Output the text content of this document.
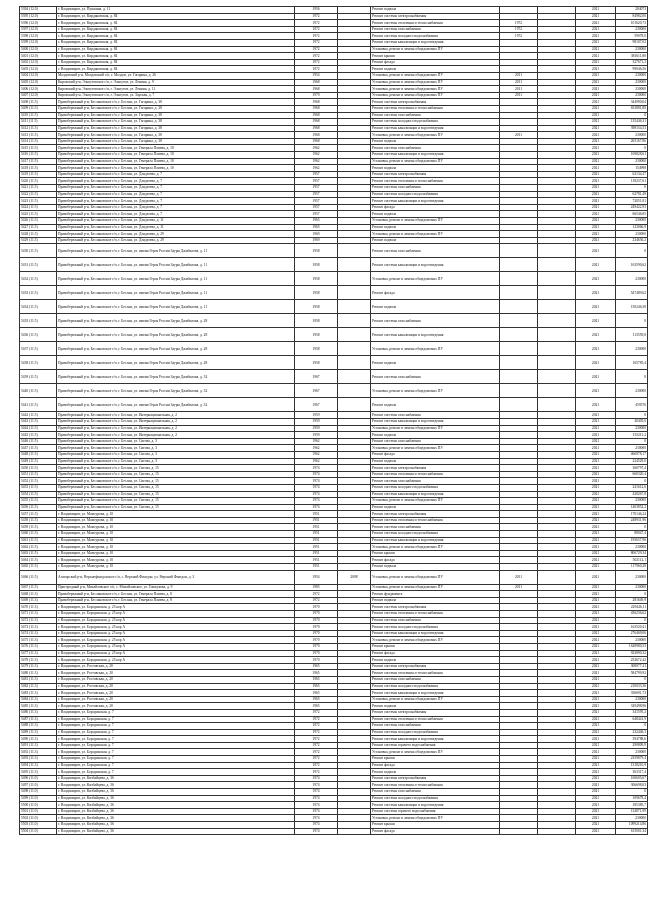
5394 (12.0)	г. Владимиров, ул. Пушкина, д. 11	1956		Ремонт подвала			2021	284073
5395 (12.0)	г. Владимиров, ул. Кирдановская, д. 84	1972		Ремонт системы электроснабжения			2021	84982,00
5396 (12.0)	г. Владимиров, ул. Кирдановская, д. 84	1972		Ремонт системы отопления и теплоснабжения	1972		2021	101620,73
5397 (12.0)	г. Владимиров, ул. Кирдановская, д. 84	1972		Ремонт системы газоснабжения	1972		2021	230000
5398 (12.0)	г. Владимиров, ул. Кирдановская, д. 84	1972		Ремонт системы холодного водоснабжения	1972		2021	59078,0
5399 (12.0)	г. Владимиров, ул. Кирдановская, д. 84	1972		Ремонт системы канализации и водоотведения			2021	98107,02
5400 (12.0)	г. Владимиров, ул. Кирдановская, д. 84	1972		Установка, ремонт и замена общедомовых ПУ			2021	230000
5401 (12.0)	г. Владимиров, ул. Кирдановская, д. 84	1972		Ремонт крыши			2021	381611,86
5402 (12.0)	г. Владимиров, ул. Кирдановская, д. 84	1972		Ремонт фасада			2021	327671,2
5403 (12.0)	г. Владимиров, ул. Кирдановская, д. 84	1972		Ремонт подвала			2021	99046,56
5404 (12.0)	Молдовский р-н, Молдовский с/п, г. Молдов, ул. Гагарина, д. 26	1954		Установка, ремонт и замена общедомовых ПУ	2011		2021	230000
5405 (12.0)	Кировский р-н, Эльпутовское с/п, г. Эльпутов, ул. Ленина, д. 9	1968		Установка, ремонт и замена общедомовых ПУ	2011		2021	230000
5406 (12.0)	Кировский р-н, Эльпутовское с/п, г. Эльпутов, ул. Ленина, д. 11	1968		Установка, ремонт и замена общедомовых ПУ	2011		2021	230000
5407 (12.0)	Кировский р-н, Эльпутовское с/п, г. Эльпутов, ул. Зорская, д. 7	1970		Установка, ремонт и замена общедомовых ПУ	2011		2021	230000
5408 (11.5)	Правобережный р-н, Беслановское г/п, г. Беслан, ул. Гагарина, д. 38	1968		Ремонт системы электроснабжения			2021	344990,04
5409 (11.5)	Правобережный р-н, Беслановское г/п, г. Беслан, ул. Гагарина, д. 38	1968		Ремонт системы отопления и теплоснабжения			2021	653881,80
5410 (11.5)	Правобережный р-н, Беслановское г/п, г. Беслан, ул. Гагарина, д. 38	1968		Ремонт системы газоснабжения			2021	0
5411 (11.5)	Правобережный р-н, Беслановское г/п, г. Беслан, ул. Гагарина, д. 38	1968		Ремонт системы холодного водоснабжения			2021	135446,31
5412 (11.5)	Правобережный р-н, Беслановское г/п, г. Беслан, ул. Гагарина, д. 38	1968		Ремонт системы канализации и водоотведения			2021	398154,53
5413 (11.5)	Правобережный р-н, Беслановское г/п, г. Беслан, ул. Гагарина, д. 38	1968		Установка, ремонт и замена общедомовых ПУ	2011		2021	230000
5414 (11.5)	Правобережный р-н, Беслановское г/п, г. Беслан, ул. Гагарина, д. 38	1968		Ремонт подвала			2021	265167,86
5415 (11.5)	Правобережный р-н, Беслановское г/п, г. Беслан, ул. Генерала Плиева, д. 10	1962		Ремонт системы газоснабжения			2021	0
5416 (11.5)	Правобережный р-н, Беслановское г/п, г. Беслан, ул. Генерала Плиева, д. 10	1962		Ремонт системы канализации и водоотведения			2021	169828,61
5417 (11.5)	Правобережный р-н, Беслановское г/п, г. Беслан, ул. Генерала Плиева, д. 10	1962		Установка, ремонт и замена общедомовых ПУ			2021	230000
5418 (11.5)	Правобережный р-н, Беслановское г/п, г. Беслан, ул. Генерала Плиева, д. 10	1962		Ремонт подвала			2021	154998
5419 (11.5)	Правобережный р-н, Беслановское г/п, г. Беслан, ул. Дзидзоева, д. 7	1957		Ремонт системы электроснабжения			2021	62134,47
5420 (11.5)	Правобережный р-н, Беслановское г/п, г. Беслан, ул. Дзидзоева, д. 7	1957		Ремонт системы отопления и теплоснабжения			2021	118237,61
5421 (11.5)	Правобережный р-н, Беслановское г/п, г. Беслан, ул. Дзидзоева, д. 7	1957		Ремонт системы газоснабжения			2021	0
5422 (11.5)	Правобережный р-н, Беслановское г/п, г. Беслан, ул. Дзидзоева, д. 7	1957		Ремонт системы холодного водоснабжения			2021	62781,49
5423 (11.5)	Правобережный р-н, Беслановское г/п, г. Беслан, ул. Дзидзоева, д. 7	1957		Ремонт системы канализации и водоотведения			2021	72051,81
5424 (11.5)	Правобережный р-н, Беслановское г/п, г. Беслан, ул. Дзидзоева, д. 7	1957		Ремонт фасада			2021	249422,93
5425 (11.5)	Правобережный р-н, Беслановское г/п, г. Беслан, ул. Дзидзоева, д. 7	1957		Ремонт подвала			2021	66546,85
5426 (11.5)	Правобережный р-н, Беслановское г/п, г. Беслан, ул. Дзидзоева, д. 11	1965		Установка, ремонт и замена общедомовых ПУ			2021	230000
5427 (11.5)	Правобережный р-н, Беслановское г/п, г. Беслан, ул. Дзидзоева, д. 11	1965		Ремонт подвала			2021	123066,9
5428 (11.5)	Правобережный р-н, Беслановское г/п, г. Беслан, ул. Дзидзоева, д. 29	1969		Установка, ремонт и замена общедомовых ПУ			2021	230000
5429 (11.5)	Правобережный р-н, Беслановское г/п, г. Беслан, ул. Дзидзоева, д. 29	1969		Ремонт подвала			2021	234636,2
5430 (11.5)	Правобережный р-н, Беслановское г/п, г. Беслан, ул. имени Героя России Зауры Джибилова, д. 11	1958		Ремонт системы газоснабжения			2021	0
5431 (11.5)	Правобережный р-н, Беслановское г/п, г. Беслан, ул. имени Героя России Зауры Джибилова, д. 11	1958		Ремонт системы канализации и водоотведения			2021	163590,62
5432 (11.5)	Правобережный р-н, Беслановское г/п, г. Беслан, ул. имени Героя России Зауры Джибилова, д. 11	1958		Установка, ремонт и замена общедомовых ПУ			2021	230000
5433 (11.5)	Правобережный р-н, Беслановское г/п, г. Беслан, ул. имени Героя России Зауры Джибилова, д. 11	1958		Ремонт фасада			2021	547489,62
5434 (11.5)	Правобережный р-н, Беслановское г/п, г. Беслан, ул. имени Героя России Зауры Джибилова, д. 11	1958		Ремонт подвала			2021	150246,58
5435 (11.5)	Правобережный р-н, Беслановское г/п, г. Беслан, ул. имени Героя России Зауры Джибилова, д. 28	1958		Ремонт системы газоснабжения			2021	0
5436 (11.5)	Правобережный р-н, Беслановское г/п, г. Беслан, ул. имени Героя России Зауры Джибилова, д. 28	1958		Ремонт системы канализации и водоотведения			2021	113559,8
5437 (11.5)	Правобережный р-н, Беслановское г/п, г. Беслан, ул. имени Героя России Зауры Джибилова, д. 28	1958		Установка, ремонт и замена общедомовых ПУ			2021	230000
5438 (11.5)	Правобережный р-н, Беслановское г/п, г. Беслан, ул. имени Героя России Зауры Джибилова, д. 28	1958		Ремонт подвала			2021	165785,4
5439 (11.5)	Правобережный р-н, Беслановское г/п, г. Беслан, ул. имени Героя России Зауры Джибилова, д. 32	1967		Ремонт системы газоснабжения			2021	0
5440 (11.5)	Правобережный р-н, Беслановское г/п, г. Беслан, ул. имени Героя России Зауры Джибилова, д. 32	1967		Установка, ремонт и замена общедомовых ПУ			2021	230000
5441 (11.5)	Правобережный р-н, Беслановское г/п, г. Беслан, ул. имени Героя России Зауры Джибилова, д. 32	1967		Ремонт подвала			2021	459376
5442 (11.5)	Правобережный р-н, Беслановское г/п, г. Беслан, ул. Интернациональная, д. 2	1959		Ремонт системы газоснабжения			2021	0
5443 (11.5)	Правобережный р-н, Беслановское г/п, г. Беслан, ул. Интернациональная, д. 2	1959		Ремонт системы канализации и водоотведения			2021	40405,6
5444 (11.5)	Правобережный р-н, Беслановское г/п, г. Беслан, ул. Интернациональная, д. 2	1959		Установка, ремонт и замена общедомовых ПУ			2021	230000
5445 (11.5)	Правобережный р-н, Беслановское г/п, г. Беслан, ул. Интернациональная, д. 2	1959		Ремонт подвала			2021	155211,2
5446 (11.5)	Правобережный р-н, Беслановское г/п, г. Беслан, ул. Сигова, д. 3	1962		Ремонт системы газоснабжения			2021	0
5447 (11.5)	Правобережный р-н, Беслановское г/п, г. Беслан, ул. Сигова, д. 3	1962		Установка, ремонт и замена общедомовых ПУ			2021	230000
5448 (11.5)	Правобережный р-н, Беслановское г/п, г. Беслан, ул. Сигова, д. 3	1962		Ремонт фасада			2021	466978,17
5449 (11.5)	Правобережный р-н, Беслановское г/п, г. Беслан, ул. Сигова, д. 3	1962		Ремонт подвала			2021	224529,6
5450 (11.5)	Правобережный р-н, Беслановское г/п, г. Беслан, ул. Сигова, д. 15	1974		Ремонт системы электроснабжения			2021	360797,4
5451 (11.5)	Правобережный р-н, Беслановское г/п, г. Беслан, ул. Сигова, д. 15	1974		Ремонт системы отопления и теплоснабжения			2021	660320,4
5452 (11.5)	Правобережный р-н, Беслановское г/п, г. Беслан, ул. Сигова, д. 15	1974		Ремонт системы газоснабжения			2021	0
5453 (11.5)	Правобережный р-н, Беслановское г/п, г. Беслан, ул. Сигова, д. 15	1974		Ремонт системы холодного водоснабжения			2021	241612,6
5454 (11.5)	Правобережный р-н, Беслановское г/п, г. Беслан, ул. Сигова, д. 15	1974		Ремонт системы канализации и водоотведения			2021	420267,8
5455 (11.5)	Правобережный р-н, Беслановское г/п, г. Беслан, ул. Сигова, д. 15	1974		Установка, ремонт и замена общедомовых ПУ			2021	230000
5456 (11.5)	Правобережный р-н, Беслановское г/п, г. Беслан, ул. Сигова, д. 15	1974		Ремонт подвала			2021	1403852,2
5457 (11.5)	г. Владимиров, ул. Мамсурова, д. 10	1951		Ремонт системы электроснабжения			2021	170146,24
5458 (11.5)	г. Владимиров, ул. Мамсурова, д. 10	1951		Ремонт системы отопления и теплоснабжения			2021	248931,96
5459 (11.5)	г. Владимиров, ул. Мамсурова, д. 10	1951		Ремонт системы газоснабжения			2021	0
5460 (11.5)	г. Владимиров, ул. Мамсурова, д. 10	1951		Ремонт системы холодного водоснабжения			2021	88047,4
5461 (11.5)	г. Владимиров, ул. Мамсурова, д. 10	1951		Ремонт системы канализации и водоотведения			2021	195657,96
5462 (11.5)	г. Владимиров, ул. Мамсурова, д. 10	1951		Установка, ремонт и замена общедомовых ПУ			2021	230000
5463 (11.5)	г. Владимиров, ул. Мамсурова, д. 10	1951		Ремонт крыши			2021	806729,34
5464 (11.5)	г. Владимиров, ул. Мамсурова, д. 10	1951		Ремонт фасада			2021	502112,1
5465 (11.5)	г. Владимиров, ул. Мамсурова, д. 10	1951		Ремонт подвала			2021	117960,28
5466 (11.5)	Алагирский р-н, Верхнефиагдонское с/п, с. Верхний Фиагдон, ул. Верхний Фиагдон, д. 3	1954	2008	Установка, ремонт и замена общедомовых ПУ	2011		2021	230000
5467 (11.5)	Пригородный р-н, Михайловское с/п, с. Михайловское, ул. Гонжукова, д. 9	1985		Установка, ремонт и замена общедомовых ПУ	2011		2021	230000
5468 (11.3)	Правобережный р-н, Беслановское г/п, г. Беслан, ул. Генерала Плиева, д. 8	1972		Ремонт фундамента			2021	0
5469 (11.3)	Правобережный р-н, Беслановское г/п, г. Беслан, ул. Генерала Плиева, д. 8	1972		Ремонт подвала			2021	281649,9
5470 (11.3)	г. Владимиров, ул. Бородинская, д. 25 кор А	1970		Ремонт системы электроснабжения			2021	229446,11
5471 (11.3)	г. Владимиров, ул. Бородинская, д. 25 кор А	1970		Ремонт системы отопления и теплоснабжения			2021	456236,62
5472 (11.3)	г. Владимиров, ул. Бородинская, д. 25 кор А	1970		Ремонт системы газоснабжения			2021	0
5473 (11.3)	г. Владимиров, ул. Бородинская, д. 25 кор А	1970		Ремонт системы холодного водоснабжения			2021	163520,41
5474 (11.3)	г. Владимиров, ул. Бородинская, д. 25 кор А	1970		Ремонт системы канализации и водоотведения			2021	276469,06
5475 (11.3)	г. Владимиров, ул. Бородинская, д. 25 кор А	1970		Установка, ремонт и замена общедомовых ПУ			2021	230000
5476 (11.3)	г. Владимиров, ул. Бородинская, д. 25 кор А	1970		Ремонт крыши			2021	1628980,53
5477 (11.3)	г. Владимиров, ул. Бородинская, д. 25 кор А	1970		Ремонт фасада			2021	923890,32
5478 (11.3)	г. Владимиров, ул. Бородинская, д. 25 кор А	1970		Ремонт подвала			2021	252672,42
5479 (11.3)	г. Владимиров, ул. Ростовская, д. 20	1965		Ремонт системы электроснабжения			2021	308077,41
5480 (11.3)	г. Владимиров, ул. Ростовская, д. 20	1965		Ремонт системы отопления и теплоснабжения			2021	584799,92
5481 (11.3)	г. Владимиров, ул. Ростовская, д. 20	1965		Ремонт системы газоснабжения			2021	0
5482 (11.3)	г. Владимиров, ул. Ростовская, д. 20	1965		Ремонт системы холодного водоснабжения			2021	210033,36
5483 (11.3)	г. Владимиров, ул. Ростовская, д. 20	1965		Ремонт системы канализации и водоотведения			2021	356691,73
5484 (11.3)	г. Владимиров, ул. Ростовская, д. 20	1965		Установка, ремонт и замена общедомовых ПУ			2021	230000
5485 (11.3)	г. Владимиров, ул. Ростовская, д. 20	1965		Ремонт подвала			2021	329498,96
5486 (11.3)	г. Владимиров, ул. Бородинская, д. 7	1972		Ремонт системы электроснабжения			2021	341595,2
5487 (11.3)	г. Владимиров, ул. Бородинская, д. 7	1972		Ремонт системы отопления и теплоснабжения			2021	648441,9
5488 (11.3)	г. Владимиров, ул. Бородинская, д. 7	1972		Ремонт системы газоснабжения			2021	0
5489 (11.3)	г. Владимиров, ул. Бородинская, д. 7	1972		Ремонт системы холодного водоснабжения			2021	232446,3
5490 (11.3)	г. Владимиров, ул. Бородинская, д. 7	1972		Ремонт системы канализации и водоотведения			2021	394788,6
5491 (11.3)	г. Владимиров, ул. Бородинская, д. 7	1972		Ремонт системы горячего водоснабжения			2021	290809,9
5492 (11.3)	г. Владимиров, ул. Бородинская, д. 7	1972		Установка, ремонт и замена общедомовых ПУ			2021	230000
5493 (11.3)	г. Владимиров, ул. Бородинская, д. 7	1972		Ремонт крыши			2021	2359879,4
5494 (11.3)	г. Владимиров, ул. Бородинская, д. 7	1972		Ремонт фасада			2021	1318210,9
5495 (11.3)	г. Владимиров, ул. Бородинская, д. 7	1972		Ремонт подвала			2021	363317,4
5496 (11.0)	г. Владимиров, ул. Кизбайцева, д. 36	1974		Ремонт системы электроснабжения			2021	160605,67
5497 (11.0)	г. Владимиров, ул. Кизбайцева, д. 36	1974		Ремонт системы отопления и теплоснабжения			2021	306698,03
5498 (11.0)	г. Владимиров, ул. Кизбайцева, д. 36	1974		Ремонт системы газоснабжения			2021	0
5499 (11.0)	г. Владимиров, ул. Кизбайцева, д. 36	1974		Ремонт системы холодного водоснабжения			2021	109678,4
5500 (11.0)	г. Владимиров, ул. Кизбайцева, д. 36	1974		Ремонт системы канализации и водоотведения			2021	185385,7
5501 (11.0)	г. Владимиров, ул. Кизбайцева, д. 36	1974		Ремонт системы горячего водоснабжения			2021	134871,99
5502 (11.0)	г. Владимиров, ул. Кизбайцева, д. 36	1974		Установка, ремонт и замена общедомовых ПУ			2021	230000
5503 (11.0)	г. Владимиров, ул. Кизбайцева, д. 36	1974		Ремонт крыши			2021	1099214,86
5504 (11.0)	г. Владимиров, ул. Кизбайцева, д. 36	1974		Ремонт фасада			2021	615001,34
